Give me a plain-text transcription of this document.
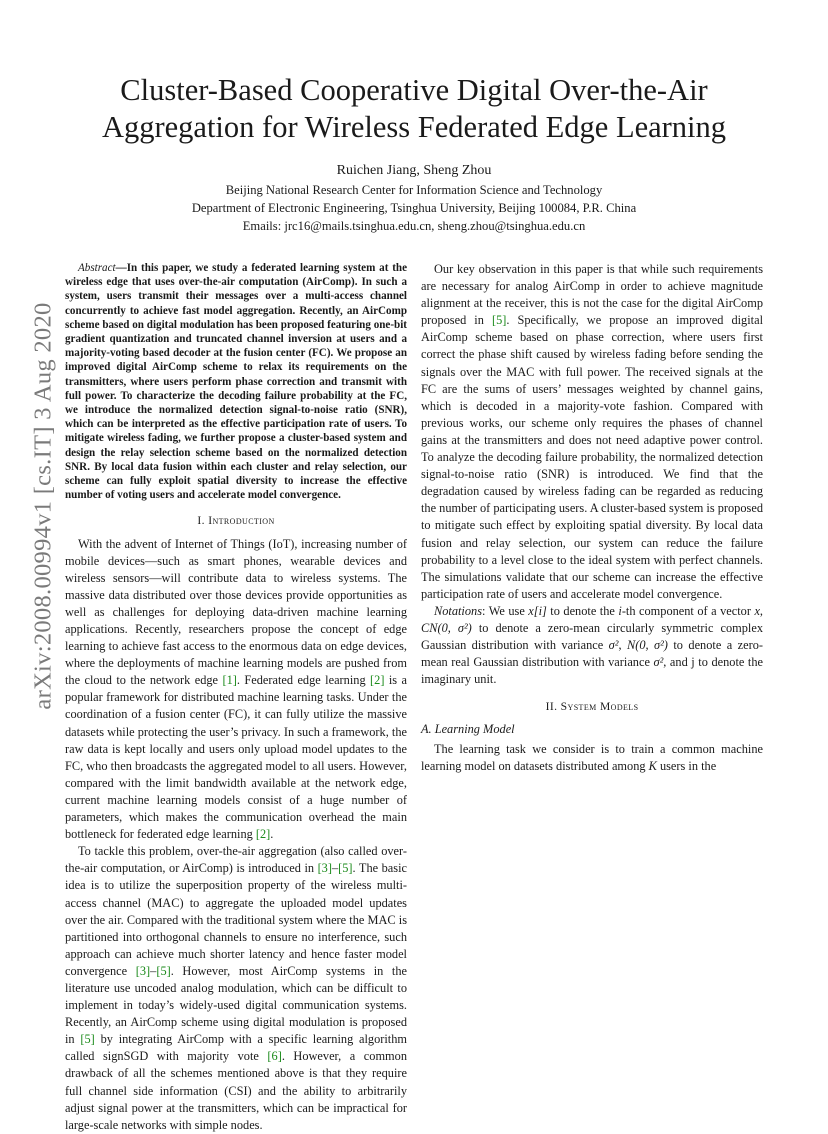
Cluster-Based Cooperative Digital Over-the-Air
Aggregation for Wireless Federated Edge Learning
Ruichen Jiang, Sheng Zhou
Beijing National Research Center for Information Science and Technology
Department of Electronic Engineering, Tsinghua University, Beijing 100084, P.R. China
Emails: jrc16@mails.tsinghua.edu.cn, sheng.zhou@tsinghua.edu.cn
arXiv:2008.00994v1 [cs.IT] 3 Aug 2020

Abstract—In this paper, we study a federated learning system at the wireless edge that uses over-the-air computation (AirComp). In such a system, users transmit their messages over a multi-access channel concurrently to achieve fast model aggregation. Recently, an AirComp scheme based on digital modulation has been proposed featuring one-bit gradient quantization and truncated channel inversion at users and a majority-voting based decoder at the fusion center (FC). We propose an improved digital AirComp scheme to relax its requirements on the transmitters, where users perform phase correction and transmit with full power. To characterize the decoding failure probability at the FC, we introduce the normalized detection signal-to-noise ratio (SNR), which can be interpreted as the effective participation rate of users. To mitigate wireless fading, we further propose a cluster-based system and design the relay selection scheme based on the normalized detection SNR. By local data fusion within each cluster and relay selection, our scheme can fully exploit spatial diversity to increase the effective number of voting users and accelerate model convergence.

I. Introduction

With the advent of Internet of Things (IoT), increasing number of mobile devices—such as smart phones, wearable devices and wireless sensors—will contribute data to wireless systems. The massive data distributed over those devices provide opportunities as well as challenges for deploying data-driven machine learning applications. Recently, researchers propose the concept of edge learning to achieve fast access to the enormous data on edge devices, where the deployments of machine learning models are pushed from the cloud to the network edge [1]. Federated edge learning [2] is a popular framework for distributed machine learning tasks. Under the coordination of a fusion center (FC), it can fully utilize the massive datasets while protecting the user’s privacy. In such a framework, the raw data is kept locally and users only upload model updates to the FC, who then broadcasts the aggregated model to all users. However, compared with the limit bandwidth available at the network edge, current machine learning models consist of a huge number of parameters, which makes the communication overhead the main bottleneck for federated edge learning [2].

To tackle this problem, over-the-air aggregation (also called over-the-air computation, or AirComp) is introduced in [3]–[5]. The basic idea is to utilize the superposition property of the wireless multi-access channel (MAC) to aggregate the uploaded model updates over the air. Compared with the traditional system where the MAC is partitioned into orthogonal channels to ensure no interference, such approach can achieve much shorter latency and hence faster model convergence [3]–[5]. However, most AirComp systems in the literature use uncoded analog modulation, which can be difficult to implement in today’s widely-used digital communication systems. Recently, an AirComp scheme using digital modulation is proposed in [5] by integrating AirComp with a specific learning algorithm called signSGD with majority vote [6]. However, a common drawback of all the schemes mentioned above is that they require full channel side information (CSI) and the ability to arbitrarily adjust signal power at the transmitters, which can be impractical for large-scale networks with simple nodes.

Our key observation in this paper is that while such requirements are necessary for analog AirComp in order to achieve magnitude alignment at the receiver, this is not the case for the digital AirComp proposed in [5]. Specifically, we propose an improved digital AirComp scheme based on phase correction, where users first correct the phase shift caused by wireless fading before sending the signals over the MAC with full power. The received signals at the FC are the sums of users’ messages weighted by channel gains, which is decoded in a majority-vote fashion. Compared with previous works, our scheme only requires the phases of channel gains at the transmitters and does not need adaptive power control. To analyze the decoding failure probability, the normalized detection signal-to-noise ratio (SNR) is introduced. We find that the degradation caused by wireless fading can be regarded as reducing the number of participating users. A cluster-based system is proposed to mitigate such effect by exploiting spatial diversity. By local data fusion and relay selection, our system can reduce the failure probability to a level close to the ideal system with perfect channels. The simulations validate that our scheme can increase the effective participation rate of users and accelerate model convergence.

Notations: We use x[i] to denote the i-th component of a vector x, CN(0, σ²) to denote a zero-mean circularly symmetric complex Gaussian distribution with variance σ², N(0, σ²) to denote a zero-mean real Gaussian distribution with variance σ², and j to denote the imaginary unit.

II. System Models
A. Learning Model

The learning task we consider is to train a common machine learning model on datasets distributed among K users in the
